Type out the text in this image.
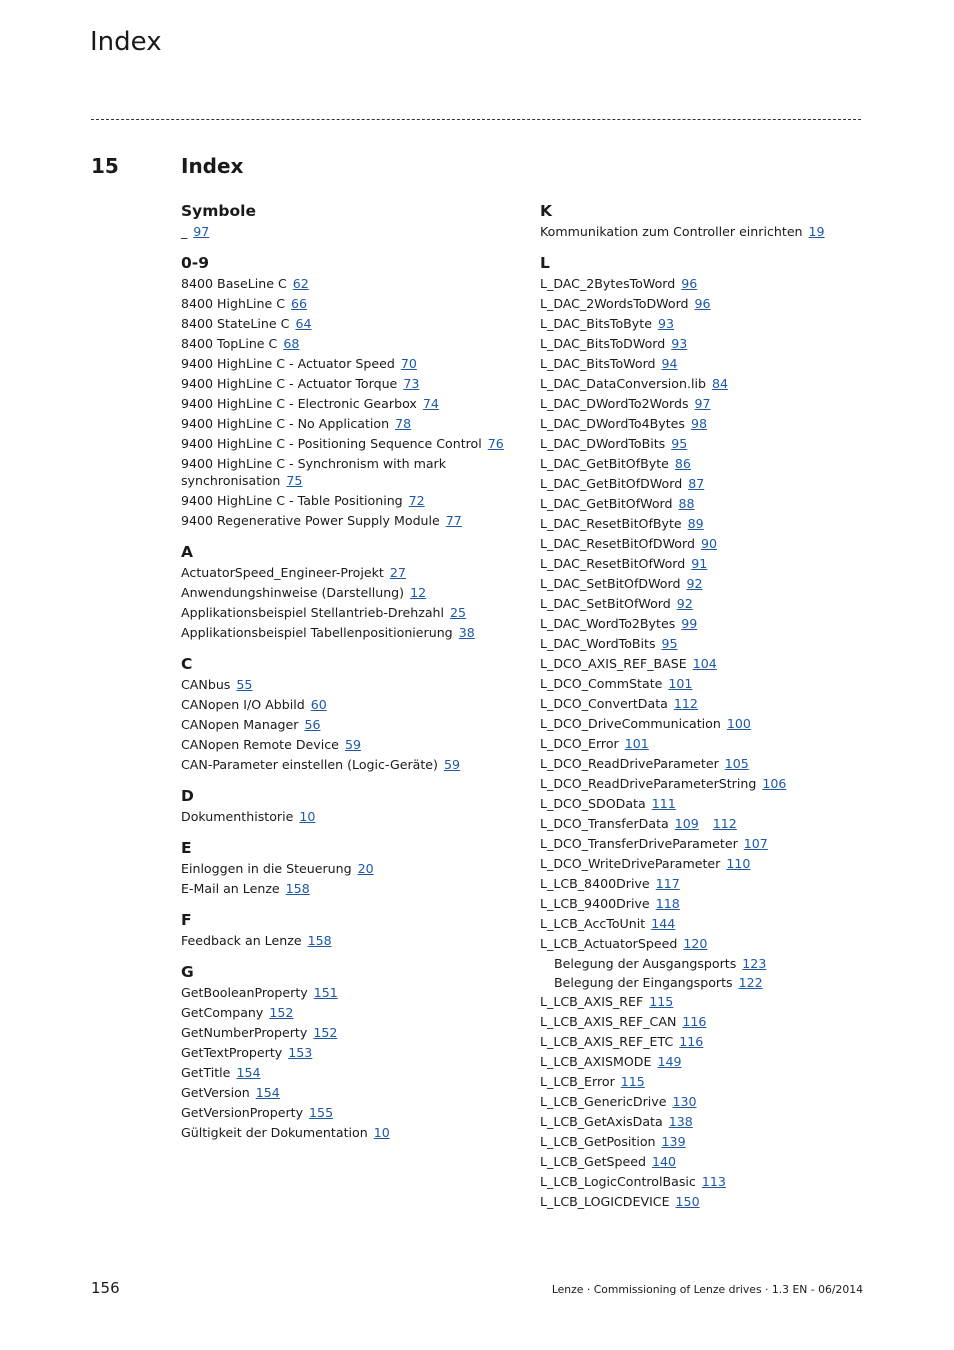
Index
15	Index
Symbole
_ 97
0-9
8400 BaseLine C 62
8400 HighLine C 66
8400 StateLine C 64
8400 TopLine C 68
9400 HighLine C - Actuator Speed 70
9400 HighLine C - Actuator Torque 73
9400 HighLine C - Electronic Gearbox 74
9400 HighLine C - No Application 78
9400 HighLine C - Positioning Sequence Control 76
9400 HighLine C - Synchronism with mark synchronisation 75
9400 HighLine C - Table Positioning 72
9400 Regenerative Power Supply Module 77
A
ActuatorSpeed_Engineer-Projekt 27
Anwendungshinweise (Darstellung) 12
Applikationsbeispiel Stellantrieb-Drehzahl 25
Applikationsbeispiel Tabellenpositionierung 38
C
CANbus 55
CANopen I/O Abbild 60
CANopen Manager 56
CANopen Remote Device 59
CAN-Parameter einstellen (Logic-Geräte) 59
D
Dokumenthistorie 10
E
Einloggen in die Steuerung 20
E-Mail an Lenze 158
F
Feedback an Lenze 158
G
GetBooleanProperty 151
GetCompany 152
GetNumberProperty 152
GetTextProperty 153
GetTitle 154
GetVersion 154
GetVersionProperty 155
Gültigkeit der Dokumentation 10
K
Kommunikation zum Controller einrichten 19
L
L_DAC_2BytesToWord 96
L_DAC_2WordsToDWord 96
L_DAC_BitsToByte 93
L_DAC_BitsToDWord 93
L_DAC_BitsToWord 94
L_DAC_DataConversion.lib 84
L_DAC_DWordTo2Words 97
L_DAC_DWordTo4Bytes 98
L_DAC_DWordToBits 95
L_DAC_GetBitOfByte 86
L_DAC_GetBitOfDWord 87
L_DAC_GetBitOfWord 88
L_DAC_ResetBitOfByte 89
L_DAC_ResetBitOfDWord 90
L_DAC_ResetBitOfWord 91
L_DAC_SetBitOfDWord 92
L_DAC_SetBitOfWord 92
L_DAC_WordTo2Bytes 99
L_DAC_WordToBits 95
L_DCO_AXIS_REF_BASE 104
L_DCO_CommState 101
L_DCO_ConvertData 112
L_DCO_DriveCommunication 100
L_DCO_Error 101
L_DCO_ReadDriveParameter 105
L_DCO_ReadDriveParameterString 106
L_DCO_SDOData 111
L_DCO_TransferData 109 112
L_DCO_TransferDriveParameter 107
L_DCO_WriteDriveParameter 110
L_LCB_8400Drive 117
L_LCB_9400Drive 118
L_LCB_AccToUnit 144
L_LCB_ActuatorSpeed 120
Belegung der Ausgangsports 123
Belegung der Eingangsports 122
L_LCB_AXIS_REF 115
L_LCB_AXIS_REF_CAN 116
L_LCB_AXIS_REF_ETC 116
L_LCB_AXISMODE 149
L_LCB_Error 115
L_LCB_GenericDrive 130
L_LCB_GetAxisData 138
L_LCB_GetPosition 139
L_LCB_GetSpeed 140
L_LCB_LogicControlBasic 113
L_LCB_LOGICDEVICE 150
156	Lenze · Commissioning of Lenze drives · 1.3 EN - 06/2014
